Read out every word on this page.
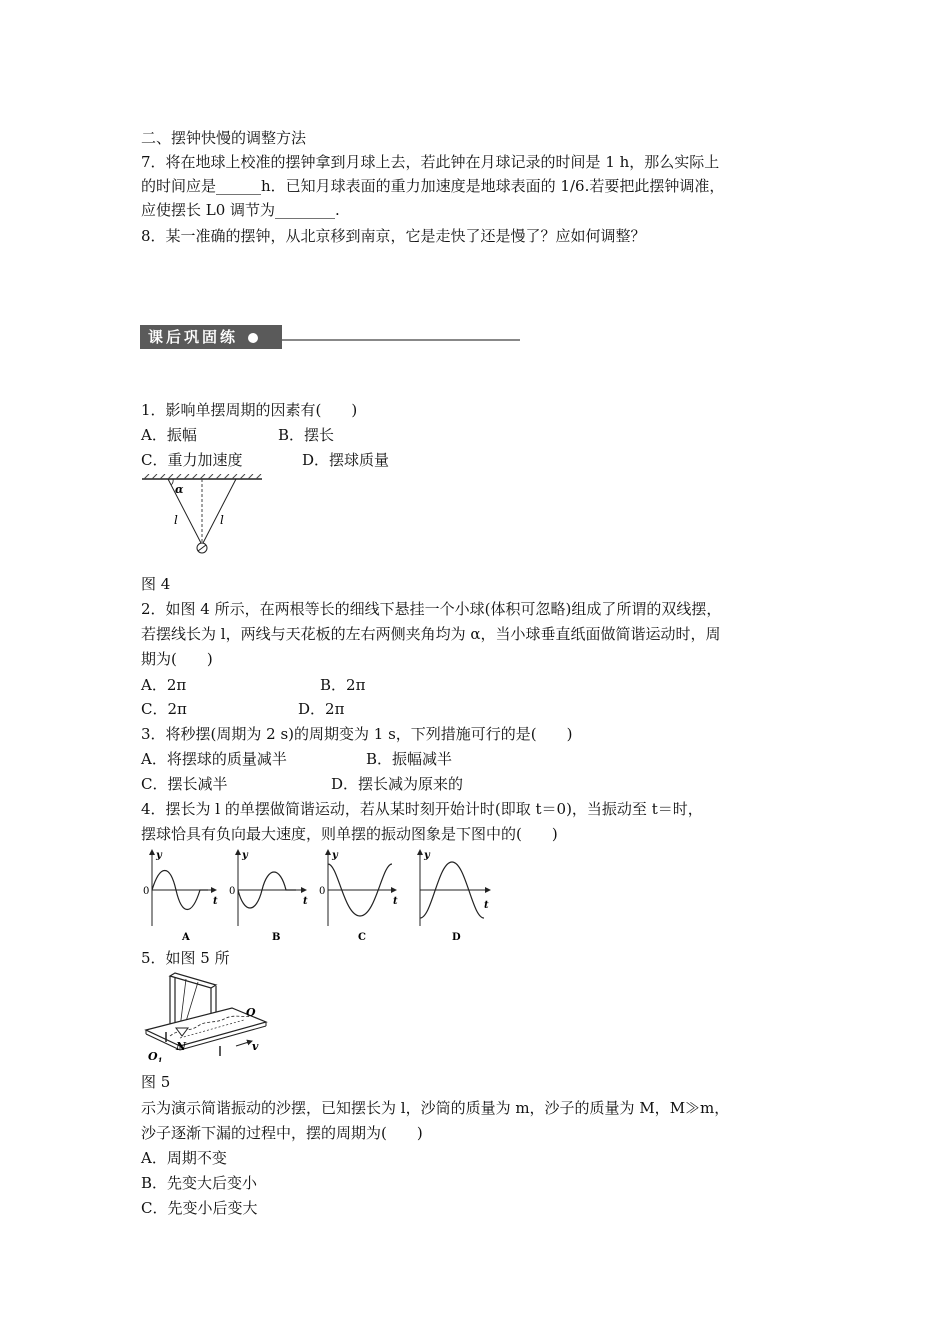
二、摆钟快慢的调整方法
7．将在地球上校准的摆钟拿到月球上去，若此钟在月球记录的时间是 1 h，那么实际上
的时间应是______h．已知月球表面的重力加速度是地球表面的 1/6.若要把此摆钟调准，
应使摆长 L0 调节为________.
8．某一准确的摆钟，从北京移到南京，它是走快了还是慢了？应如何调整？
课后巩固练
1．影响单摆周期的因素有(　　)
A．振幅	B．摆长
C．重力加速度	D．摆球质量
α
l	l
图 4
2．如图 4 所示，在两根等长的细线下悬挂一个小球(体积可忽略)组成了所谓的双线摆，
若摆线长为 l，两线与天花板的左右两侧夹角均为 α，当小球垂直纸面做简谐运动时，周
期为(　　)
A．2π	B．2π
C．2π	D．2π
3．将秒摆(周期为 2 s)的周期变为 1 s，下列措施可行的是(　　)
A．将摆球的质量减半	B．振幅减半
C．摆长减半	D．摆长减为原来的
4．摆长为 l 的单摆做简谐运动，若从某时刻开始计时(即取 t＝0)，当振动至 t＝时，
摆球恰具有负向最大速度，则单摆的振动图象是下图中的(　　)
y
t
0
A
y
t
0
B
y
t
0
C
y
t
D
5．如图 5 所
O
N
$O_1$
v
图 5
示为演示简谐振动的沙摆，已知摆长为 l，沙筒的质量为 m，沙子的质量为 M，M≫m，
沙子逐渐下漏的过程中，摆的周期为(　　)
A．周期不变
B．先变大后变小
C．先变小后变大
